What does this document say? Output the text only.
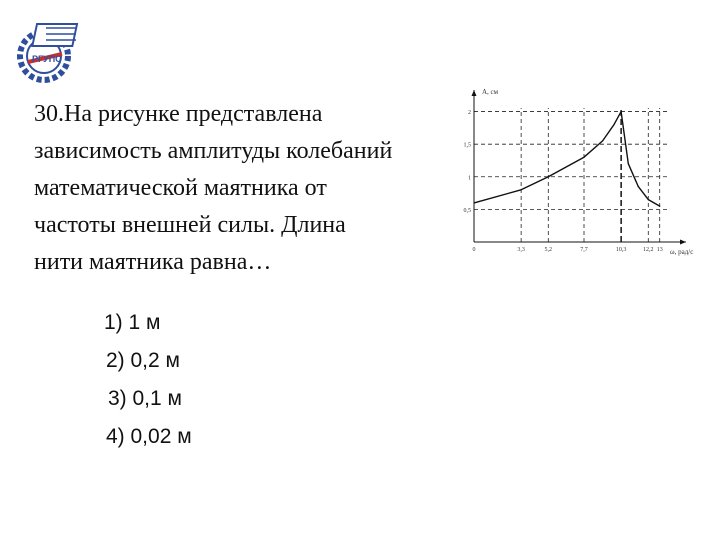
РГУПС
30.На рисунке представлена
зависимость амплитуды колебаний
математической маятника от
частоты внешней силы. Длина
нити маятника равна…
1) 1 м
2) 0,2 м
3) 0,1 м
4) 0,02 м
0,5
1
1,5
2
0	3,3	5,2	7,7	10,3	12,2 13
A, см
ω, рад/с
